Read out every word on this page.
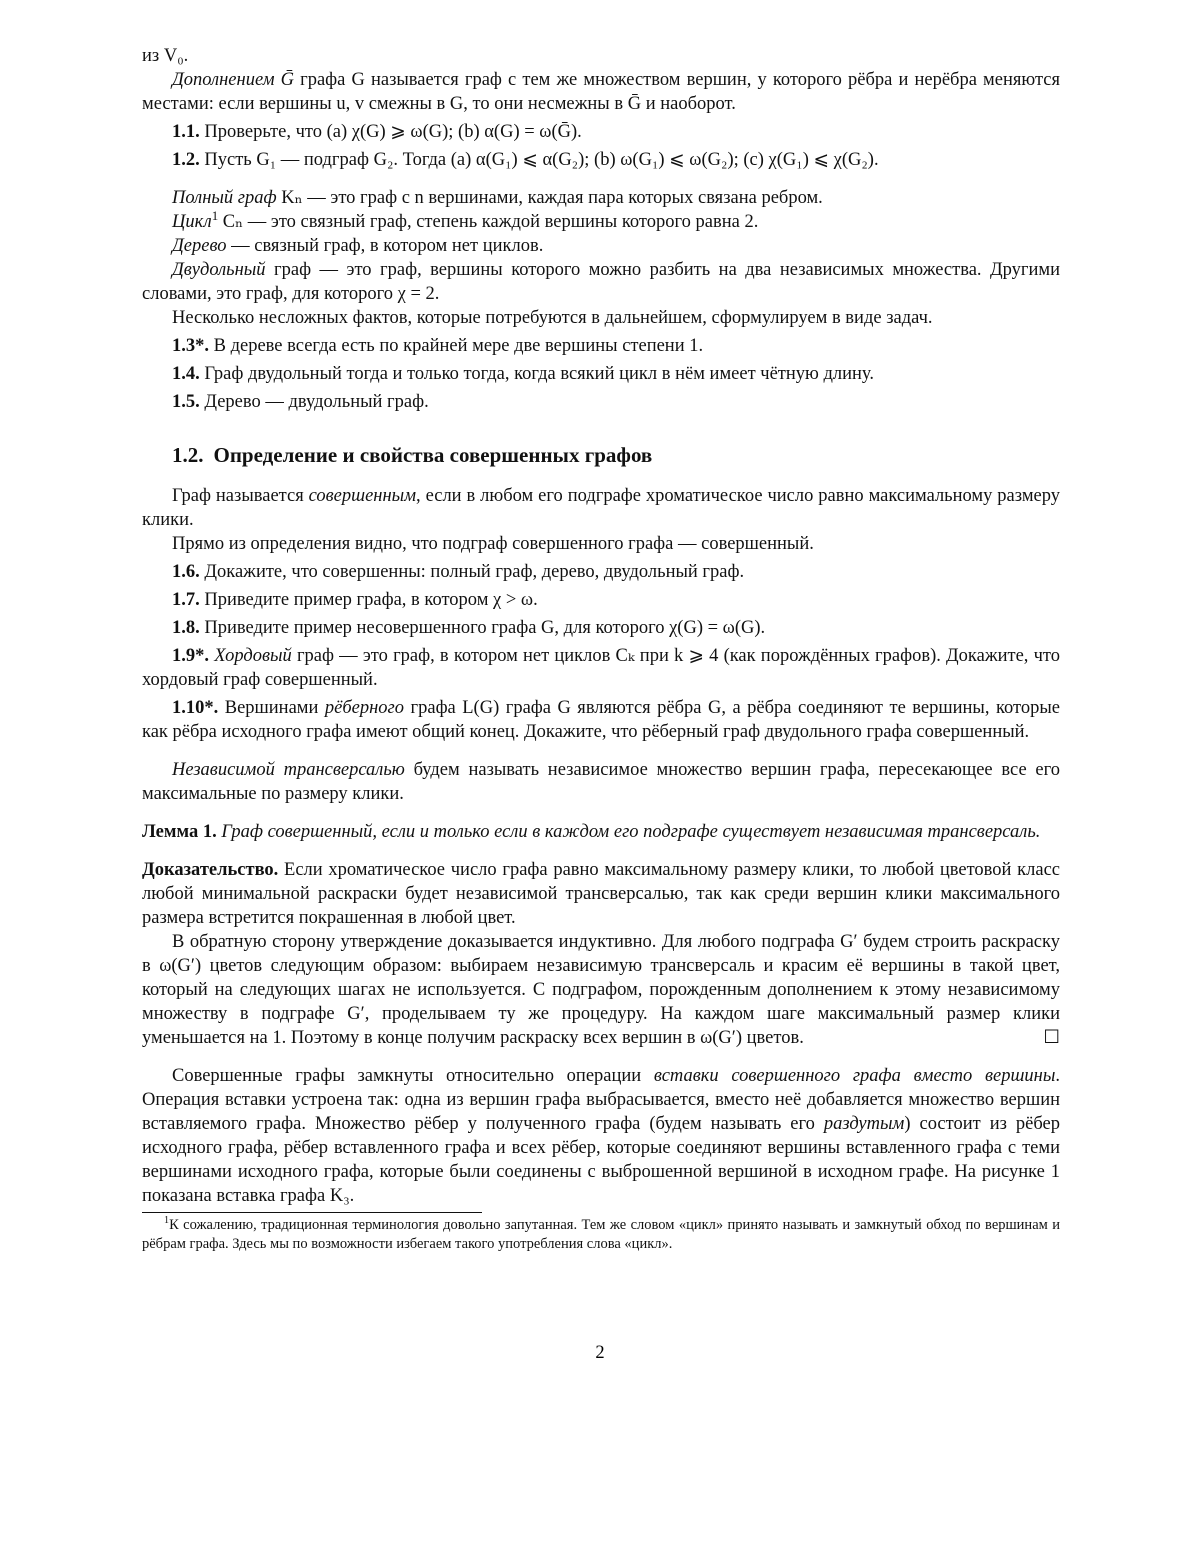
из V₀.

Дополнением Ḡ графа G называется граф с тем же множеством вершин, у которого рёбра и нерёбра меняются местами: если вершины u, v смежны в G, то они несмежны в Ḡ и наоборот.

1.1. Проверьте, что (a) χ(G) ⩾ ω(G); (b) α(G) = ω(Ḡ).

1.2. Пусть G₁ — подграф G₂. Тогда (a) α(G₁) ⩽ α(G₂); (b) ω(G₁) ⩽ ω(G₂); (c) χ(G₁) ⩽ χ(G₂).

Полный граф Kₙ — это граф с n вершинами, каждая пара которых связана ребром.

Цикл$^1$ Cₙ — это связный граф, степень каждой вершины которого равна 2.

Дерево — связный граф, в котором нет циклов.

Двудольный граф — это граф, вершины которого можно разбить на два независимых множества. Другими словами, это граф, для которого χ = 2.

Несколько несложных фактов, которые потребуются в дальнейшем, сформулируем в виде задач.

1.3*. В дереве всегда есть по крайней мере две вершины степени 1.

1.4. Граф двудольный тогда и только тогда, когда всякий цикл в нём имеет чётную длину.

1.5. Дерево — двудольный граф.

1.2. Определение и свойства совершенных графов

Граф называется совершенным, если в любом его подграфе хроматическое число равно максимальному размеру клики.

Прямо из определения видно, что подграф совершенного графа — совершенный.

1.6. Докажите, что совершенны: полный граф, дерево, двудольный граф.

1.7. Приведите пример графа, в котором χ > ω.

1.8. Приведите пример несовершенного графа G, для которого χ(G) = ω(G).

1.9*. Хордовый граф — это граф, в котором нет циклов Cₖ при k ⩾ 4 (как порождённых графов). Докажите, что хордовый граф совершенный.

1.10*. Вершинами рёберного графа L(G) графа G являются рёбра G, а рёбра соединяют те вершины, которые как рёбра исходного графа имеют общий конец. Докажите, что рёберный граф двудольного графа совершенный.

Независимой трансверсалью будем называть независимое множество вершин графа, пересекающее все его максимальные по размеру клики.

Лемма 1. Граф совершенный, если и только если в каждом его подграфе существует независимая трансверсаль.

Доказательство. Если хроматическое число графа равно максимальному размеру клики, то любой цветовой класс любой минимальной раскраски будет независимой трансверсалью, так как среди вершин клики максимального размера встретится покрашенная в любой цвет.

В обратную сторону утверждение доказывается индуктивно. Для любого подграфа G′ будем строить раскраску в ω(G′) цветов следующим образом: выбираем независимую трансверсаль и красим её вершины в такой цвет, который на следующих шагах не используется. С подграфом, порожденным дополнением к этому независимому множеству в подграфе G′, проделываем ту же процедуру. На каждом шаге максимальный размер клики уменьшается на 1. Поэтому в конце получим раскраску всех вершин в ω(G′) цветов.	☐

Совершенные графы замкнуты относительно операции вставки совершенного графа вместо вершины. Операция вставки устроена так: одна из вершин графа выбрасывается, вместо неё добавляется множество вершин вставляемого графа. Множество рёбер у полученного графа (будем называть его раздутым) состоит из рёбер исходного графа, рёбер вставленного графа и всех рёбер, которые соединяют вершины вставленного графа с теми вершинами исходного графа, которые были соединены с выброшенной вершиной в исходном графе. На рисунке 1 показана вставка графа K₃.

$^1$К сожалению, традиционная терминология довольно запутанная. Тем же словом «цикл» принято называть и замкнутый обход по вершинам и рёбрам графа. Здесь мы по возможности избегаем такого употребления слова «цикл».

2
